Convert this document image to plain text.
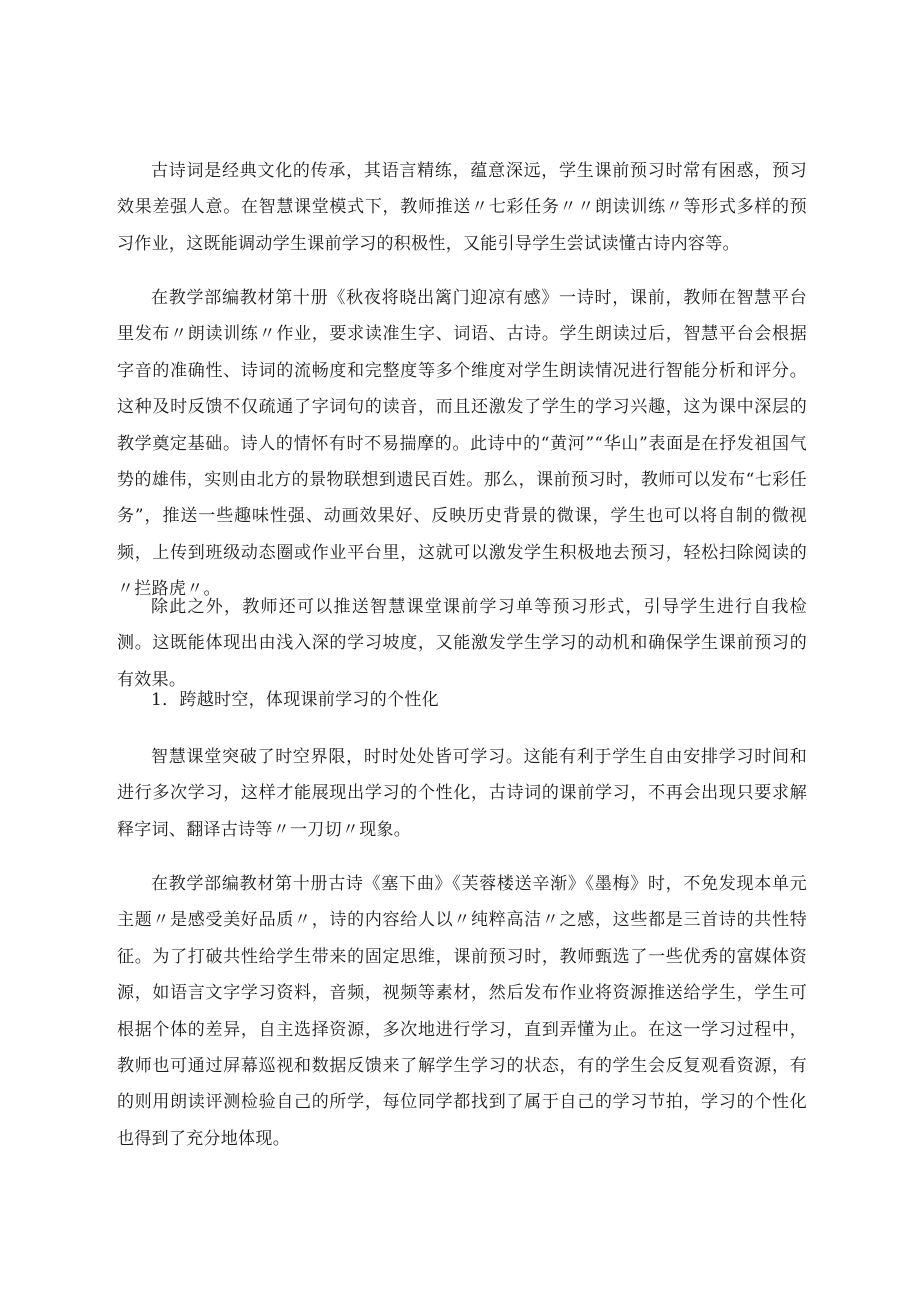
古诗词是经典文化的传承，其语言精练，蕴意深远，学生课前预习时常有困惑，预习效果差强人意。在智慧课堂模式下，教师推送〃七彩任务〃〃朗读训练〃等形式多样的预习作业，这既能调动学生课前学习的积极性，又能引导学生尝试读懂古诗内容等。

在教学部编教材第十册《秋夜将晓出篱门迎凉有感》一诗时，课前，教师在智慧平台里发布〃朗读训练〃作业，要求读准生字、词语、古诗。学生朗读过后，智慧平台会根据字音的准确性、诗词的流畅度和完整度等多个维度对学生朗读情况进行智能分析和评分。这种及时反馈不仅疏通了字词句的读音，而且还激发了学生的学习兴趣，这为课中深层的教学奠定基础。诗人的情怀有时不易揣摩的。此诗中的“黄河”“华山”表面是在抒发祖国气势的雄伟，实则由北方的景物联想到遗民百姓。那么，课前预习时，教师可以发布“七彩任务”，推送一些趣味性强、动画效果好、反映历史背景的微课，学生也可以将自制的微视频，上传到班级动态圈或作业平台里，这就可以激发学生积极地去预习，轻松扫除阅读的〃拦路虎〃。

除此之外，教师还可以推送智慧课堂课前学习单等预习形式，引导学生进行自我检测。这既能体现出由浅入深的学习坡度，又能激发学生学习的动机和确保学生课前预习的有效果。

1．跨越时空，体现课前学习的个性化

智慧课堂突破了时空界限，时时处处皆可学习。这能有利于学生自由安排学习时间和进行多次学习，这样才能展现出学习的个性化，古诗词的课前学习，不再会出现只要求解释字词、翻译古诗等〃一刀切〃现象。

在教学部编教材第十册古诗《塞下曲》《芙蓉楼送辛渐》《墨梅》时，不免发现本单元主题〃是感受美好品质〃，诗的内容给人以〃纯粹高洁〃之感，这些都是三首诗的共性特征。为了打破共性给学生带来的固定思维，课前预习时，教师甄选了一些优秀的富媒体资源，如语言文字学习资料，音频，视频等素材，然后发布作业将资源推送给学生，学生可根据个体的差异，自主选择资源，多次地进行学习，直到弄懂为止。在这一学习过程中，教师也可通过屏幕巡视和数据反馈来了解学生学习的状态，有的学生会反复观看资源，有的则用朗读评测检验自己的所学，每位同学都找到了属于自己的学习节拍，学习的个性化也得到了充分地体现。
